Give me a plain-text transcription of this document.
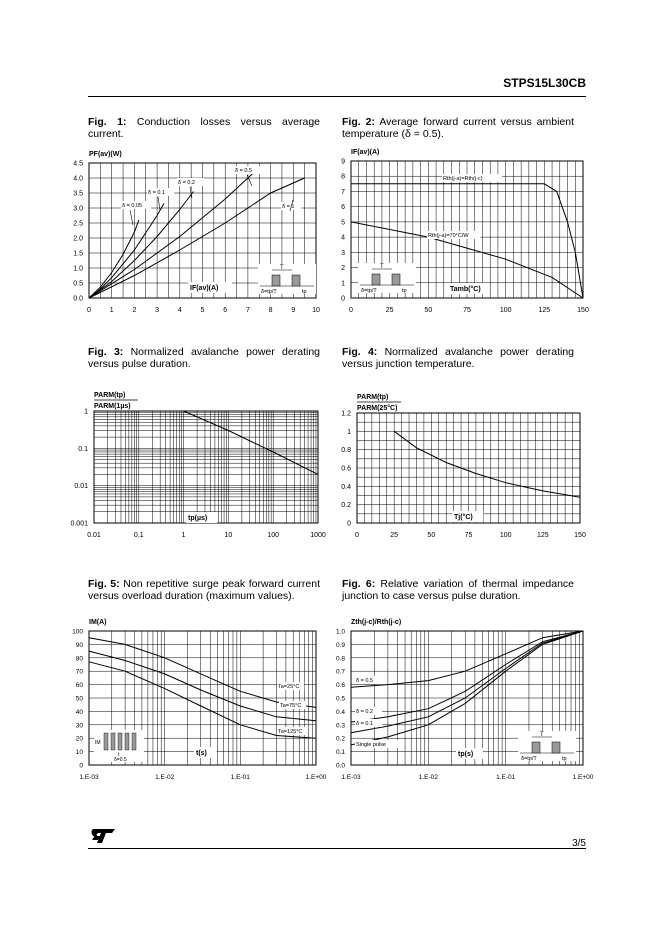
STPS15L30CB
Fig. 1: Conduction losses versus average current.
Fig. 2: Average forward current versus ambient temperature (δ = 0.5).
Fig. 3: Normalized avalanche power derating versus pulse duration.
Fig. 4: Normalized avalanche power derating versus junction temperature.
Fig. 5: Non repetitive surge peak forward current versus overload duration (maximum values).
Fig. 6: Relative variation of thermal impedance junction to case versus pulse duration.
0	1	2	3	4	5	6	7	8	9 10
0.0
0.5
1.0
1.5
2.0
2.5
3.0
3.5
4.0
4.5
PF(av)(W)
IF(av)(A)
δ = 0.05
δ = 0.1
δ = 0.2
δ = 0.5
δ = 1
T
δ=tp/T	tp
0	25	50	75	100	125	150
0
1
2
3
4
5
6
7
8
9
IF(av)(A)
Tamb(°C)
Rth(j-a)=Rth(j-c)
Rth(j-a)=70°C/W
T
δ=tp/T	tp
0.01	0.1	1	10	100	1000
0.001
0.01
0.1
1
PARM(tp)
PARM(1µs)
tp(µs)
0	25	50	75	100	125	150
0
0.2
0.4
0.6
0.8
1
1.2
PARM(tp)
PARM(25°C)
Tj(°C)
1.E-03	1.E-02	1.E-01	1.E+00
0
10
20
30
40
50
60
70
80
90
100
IM(A)
t(s)
Ta=25°C
Ta=75°C
Ta=125°C
IM
t
δ=0.5
1.E-03	1.E-02	1.E-01	1.E+00
0.0
0.1
0.2
0.3
0.4
0.5
0.6
0.7
0.8
0.9
1.0
Zth(j-c)/Rth(j-c)
tp(s)
δ = 0.5
δ = 0.2
δ = 0.1
Single pulse
T
δ=tp/T	tp
3/5
